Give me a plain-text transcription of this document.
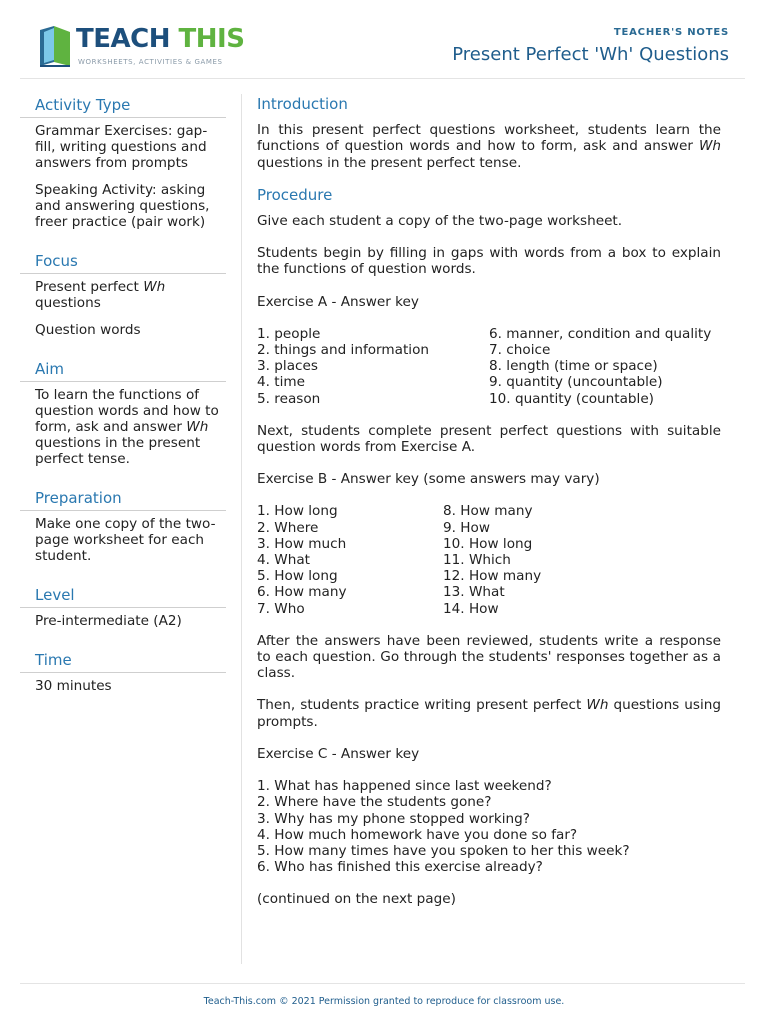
TEACH THIS
WORKSHEETS, ACTIVITIES & GAMES
TEACHER'S NOTES
Present Perfect 'Wh' Questions
Activity Type
Grammar Exercises: gap-fill, writing questions and answers from prompts
Speaking Activity: asking and answering questions, freer practice (pair work)
Focus
Present perfect Wh questions
Question words
Aim
To learn the functions of question words and how to form, ask and answer Wh questions in the present perfect tense.
Preparation
Make one copy of the two-page worksheet for each student.
Level
Pre-intermediate (A2)
Time
30 minutes
Introduction

In this present perfect questions worksheet, students learn the functions of question words and how to form, ask and answer Wh questions in the present perfect tense.

Procedure

Give each student a copy of the two-page worksheet.

Students begin by filling in gaps with words from a box to explain the functions of question words.

Exercise A - Answer key

1. people
2. things and information
3. places
4. time
5. reason
6. manner, condition and quality
7. choice
8. length (time or space)
9. quantity (uncountable)
10. quantity (countable)

Next, students complete present perfect questions with suitable question words from Exercise A.

Exercise B - Answer key (some answers may vary)

1. How long
2. Where
3. How much
4. What
5. How long
6. How many
7. Who
8. How many
9. How
10. How long
11. Which
12. How many
13. What
14. How

After the answers have been reviewed, students write a response to each question. Go through the students' responses together as a class.

Then, students practice writing present perfect Wh questions using prompts.

Exercise C - Answer key

1. What has happened since last weekend?
2. Where have the students gone?
3. Why has my phone stopped working?
4. How much homework have you done so far?
5. How many times have you spoken to her this week?
6. Who has finished this exercise already?

(continued on the next page)

Teach-This.com © 2021 Permission granted to reproduce for classroom use.
